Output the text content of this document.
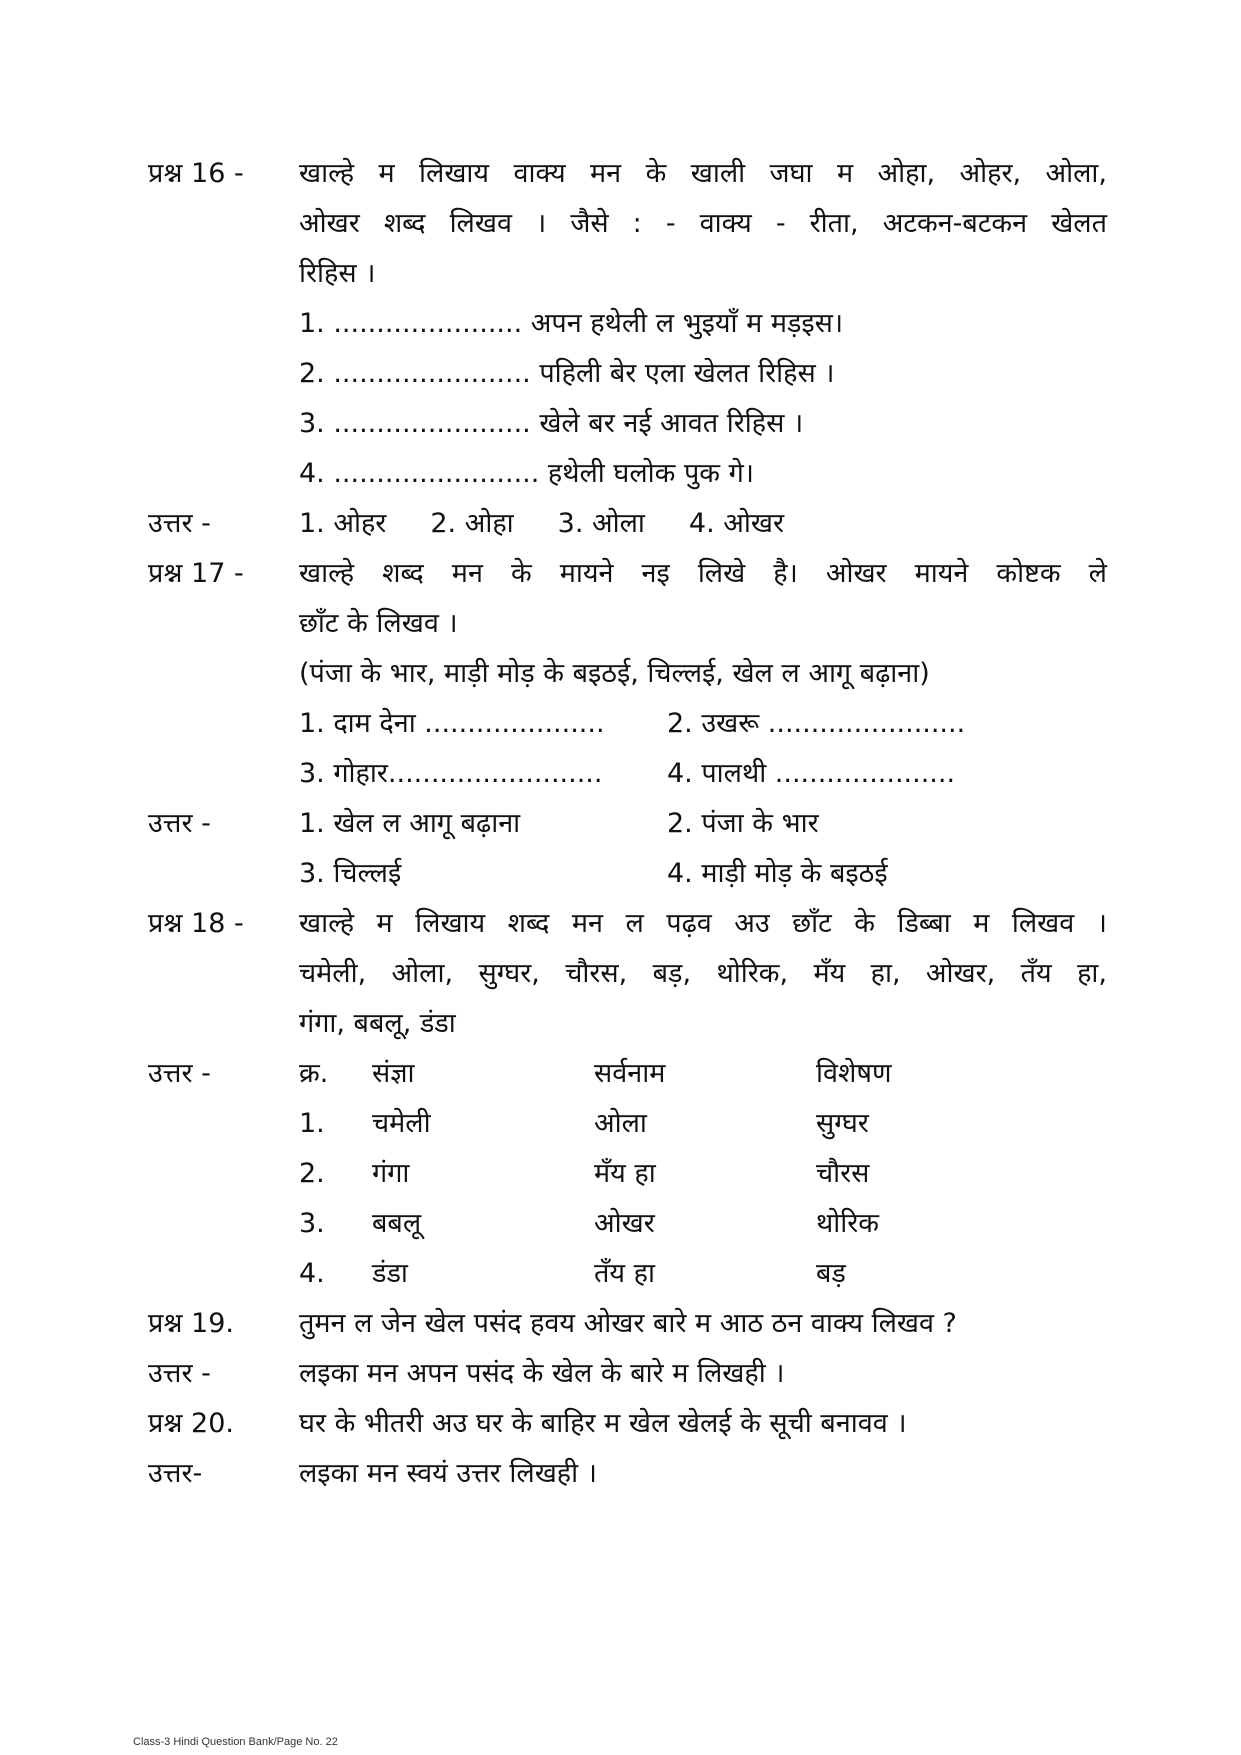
प्रश्न 16 - खाल्हे म लिखाय वाक्य मन के खाली जघा म ओहा, ओहर, ओला,
ओखर शब्द लिखव । जैसे : - वाक्य - रीता, अटकन-बटकन खेलत
रिहिस ।
1. ...................... अपन हथेली ल भुइयाँ म मड़इस।
2. ....................... पहिली बेर एला खेलत रिहिस ।
3. ....................... खेले बर नई आवत रिहिस ।
4. ........................ हथेली घलोक पुक गे।
उत्तर -	1. ओहर 2. ओहा 3. ओला 4. ओखर
प्रश्न 17 - खाल्हे शब्द मन के मायने नइ लिखे है। ओखर मायने कोष्टक ले
छाँट के लिखव ।
(पंजा के भार, माड़ी मोड़ के बइठई, चिल्लई, खेल ल आगू बढ़ाना)
1. दाम देना ..................... 2. उखरू .......................
3. गोहार......................... 4. पालथी .....................
उत्तर -	1. खेल ल आगू बढ़ाना	2. पंजा के भार
3. चिल्लई	4. माड़ी मोड़ के बइठई
प्रश्न 18 - खाल्हे म लिखाय शब्द मन ल पढ़व अउ छाँट के डिब्बा म लिखव ।
चमेली, ओला, सुग्घर, चौरस, बड़, थोरिक, मँय हा, ओखर, तँय हा,
गंगा, बबलू, डंडा
उत्तर -	क्र. संज्ञा	सर्वनाम	विशेषण
1. चमेली	ओला	सुग्घर
2. गंगा	मँय हा	चौरस
3. बबलू	ओखर	थोरिक
4. डंडा	तँय हा	बड़
प्रश्न 19. तुमन ल जेन खेल पसंद हवय ओखर बारे म आठ ठन वाक्य लिखव ?
उत्तर -	लइका मन अपन पसंद के खेल के बारे म लिखही ।
प्रश्न 20. घर के भीतरी अउ घर के बाहिर म खेल खेलई के सूची बनावव ।
उत्तर-	लइका मन स्वयं उत्तर लिखही ।
Class-3 Hindi Question Bank/Page No. 22
